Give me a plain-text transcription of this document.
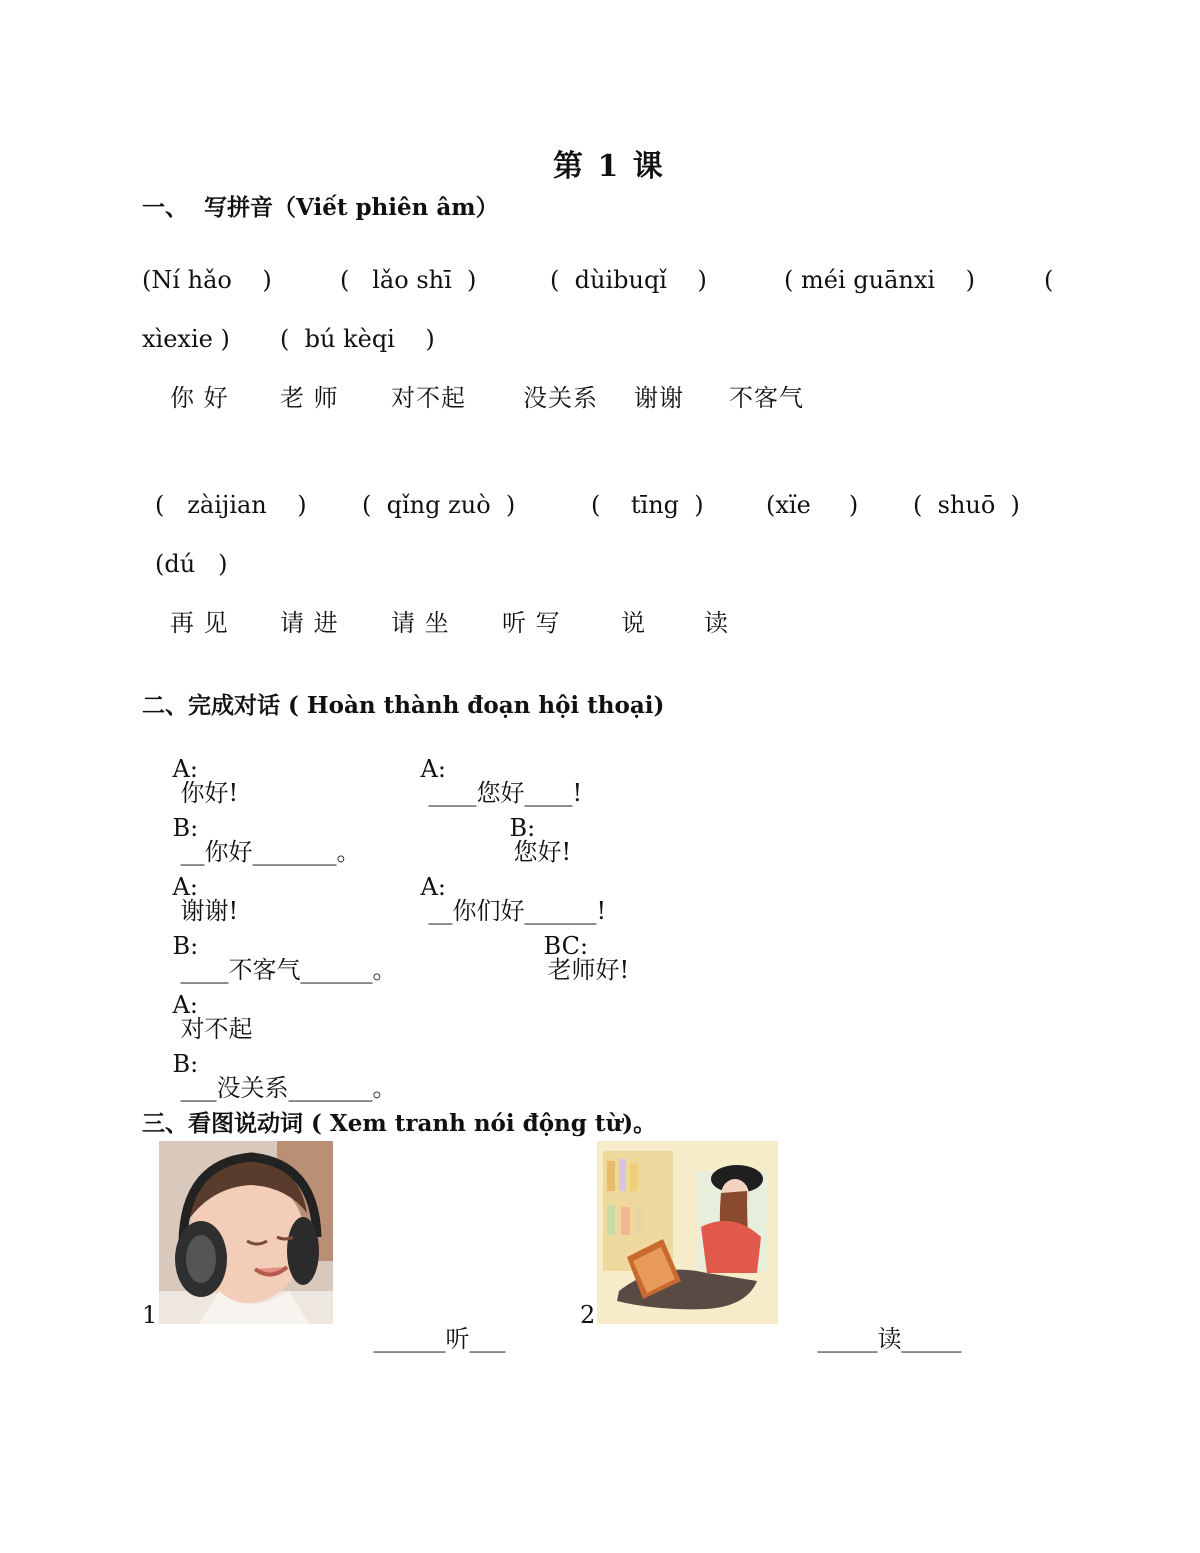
第 1 课
一、  写拼音（Viết phiên âm）
(Ní hǎo    )	(   lǎo shī  )	(  dùibuqǐ    )	( méi guānxi    )	(
xìexie ) (  bú kèqi    )
你 好 老 师 对不起 没关系 谢谢 不客气
(   zàijian    ) (  qǐng zuò  )	(    tīng  )	(xïe     ) (  shuō  )
(dú   )
再 见 请 进 请 坐 听 写	说 读
二、完成对话 ( Hoàn thành đoạn hội thoại)

A:
你好!

B:
__你好_______。

A:
谢谢!

B:
____不客气______。

A:
对不起

B:
___没关系_______。

A:
____您好____!

B:
您好!

A:
__你们好______!

BC:
老师好!

三、看图说动词 ( Xem tranh nói động từ)。
1

______听___

2

_____读_____
